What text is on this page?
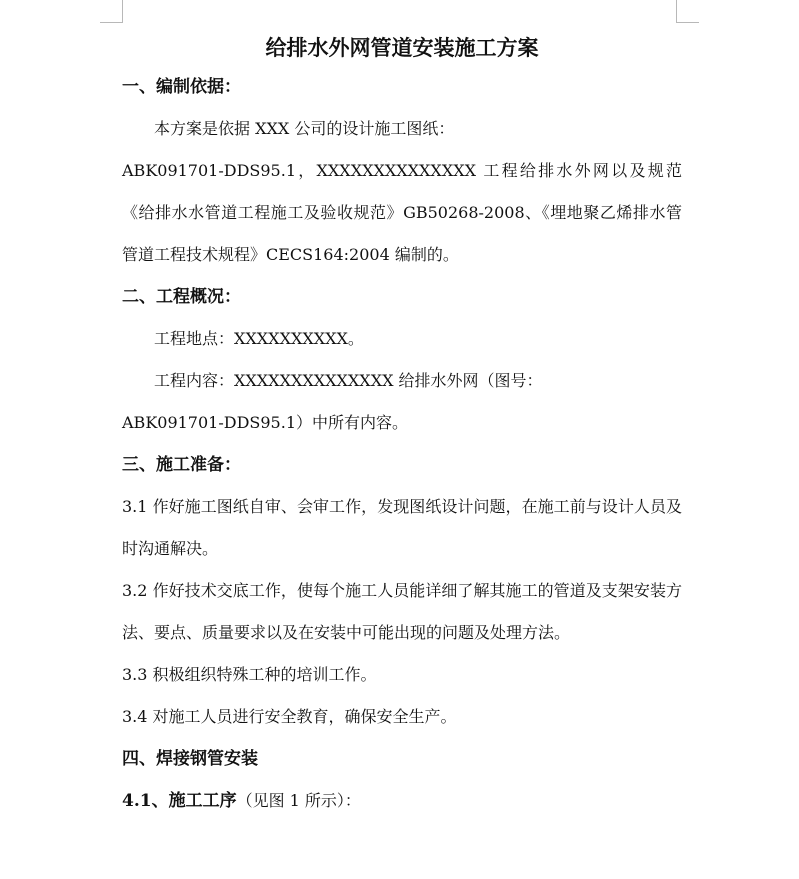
给排水外网管道安装施工方案

一、编制依据：

本方案是依据 XXX 公司的设计施工图纸：

ABK091701-DDS95.1，XXXXXXXXXXXXXX 工程给排水外网以及规范《给排水水管道工程施工及验收规范》GB50268-2008、《埋地聚乙烯排水管管道工程技术规程》CECS164:2004 编制的。

二、工程概况：

工程地点：XXXXXXXXXX。

工程内容：XXXXXXXXXXXXXX 给排水外网（图号：

ABK091701-DDS95.1）中所有内容。

三、施工准备：

3.1 作好施工图纸自审、会审工作，发现图纸设计问题，在施工前与设计人员及时沟通解决。

3.2 作好技术交底工作，使每个施工人员能详细了解其施工的管道及支架安装方法、要点、质量要求以及在安装中可能出现的问题及处理方法。

3.3 积极组织特殊工种的培训工作。

3.4 对施工人员进行安全教育，确保安全生产。

四、焊接钢管安装

4.1、施工工序（见图 1 所示）：
